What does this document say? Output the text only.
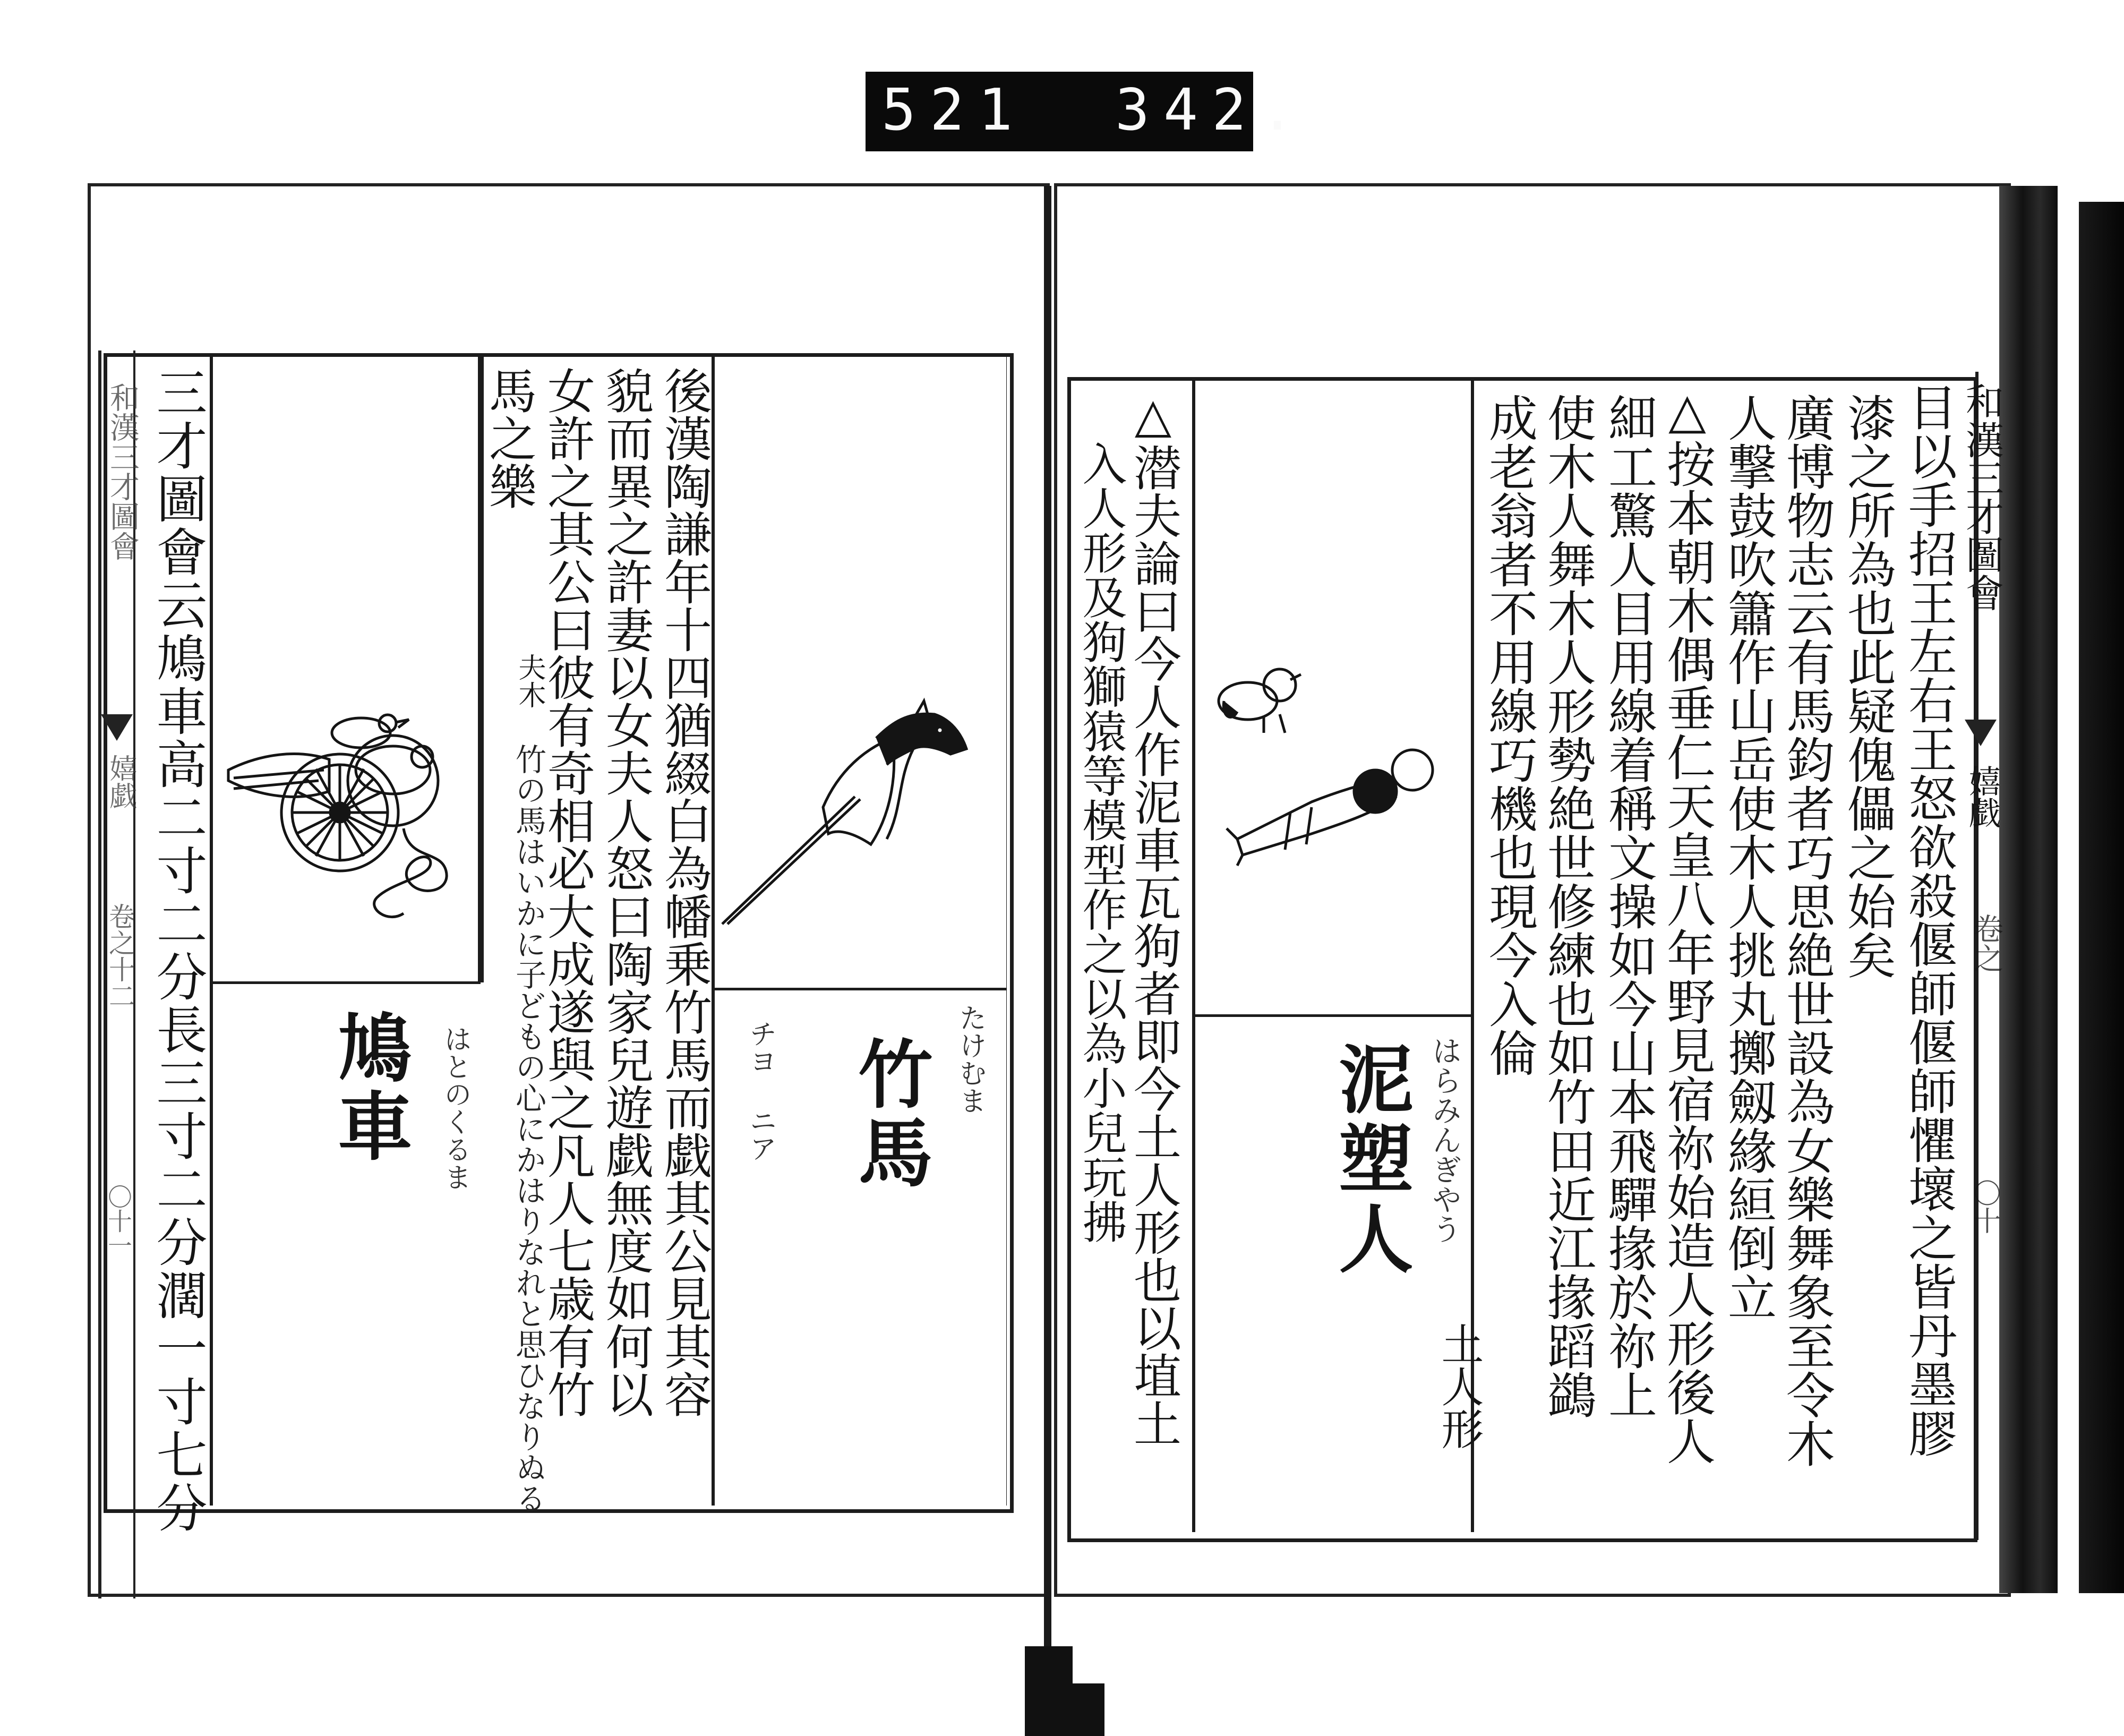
521 342.
和漢三才圖會
嬉戯
卷之十二
〇十一 三才圖會云鳩車高二寸二分長三寸二分濶一寸七分 鳩車 はとのくるま
夫木
竹の馬はいかに子どもの心にかはりなれと思ひなりぬる
馬之樂 女許之其公曰彼有奇相必大成遂與之凡人七歳有竹 貌而異之許妻以女夫人怒曰陶家兒遊戯無度如何以 後漢陶謙年十四猶綴白為幡乗竹馬而戯其公見其容 竹馬 たけむま
チヨ ニア
和漢三才圖會
嬉戯
卷之
〇十
目以手招王左右王怒欲殺偃師偃師懼壞之皆丹墨膠
漆之所為也此疑傀儡之始矣
廣博物志云有馬鈞者巧思絶世設為女樂舞象至令木
人撃鼓吹簫作山岳使木人挑丸擲劔緣絙倒立
△按本朝木偶垂仁天皇八年野見宿祢始造人形後人
細工驚人目用線着稱文操如今山本飛驒掾於祢上
使木人舞木人形勢絶世修練也如竹田近江掾蹈鷁
成老翁者不用線巧機也現今入倫
泥塑人 はらみんぎやう
土人形
△潜夫論曰今人作泥車瓦狗者即今土人形也以埴土
入人形及狗獅猿等模型作之以為小兒玩拂
